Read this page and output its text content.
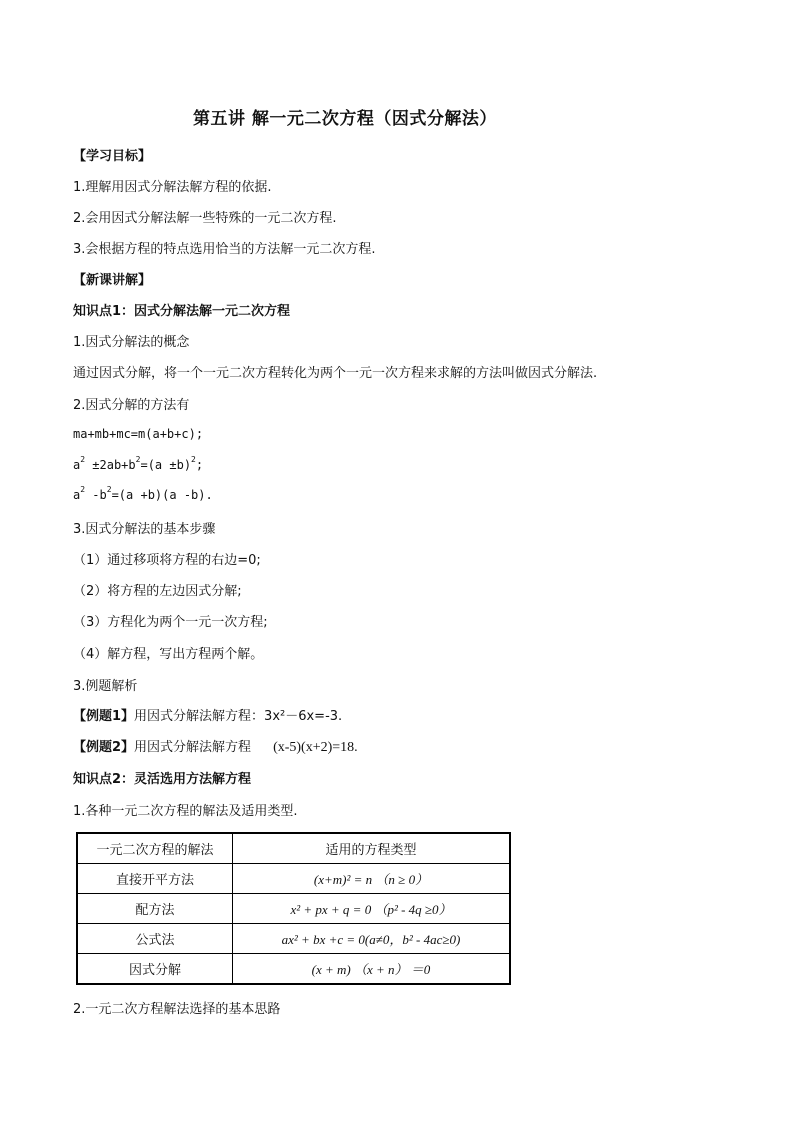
第五讲 解一元二次方程（因式分解法）
【学习目标】
1.理解用因式分解法解方程的依据.
2.会用因式分解法解一些特殊的一元二次方程.
3.会根据方程的特点选用恰当的方法解一元二次方程.
【新课讲解】
知识点1：因式分解法解一元二次方程
1.因式分解法的概念
通过因式分解，将一个一元二次方程转化为两个一元一次方程来求解的方法叫做因式分解法.
2.因式分解的方法有
ma+mb+mc=m(a+b+c);
$a^2 \pm 2ab+b^2=(a \pm b)^2$;
$a^2$ $-b^2=(a +b)(a$ -b).
3.因式分解法的基本步骤
（1）通过移项将方程的右边=0;
（2）将方程的左边因式分解;
（3）方程化为两个一元一次方程;
（4）解方程，写出方程两个解。
3.例题解析
【例题1】用因式分解法解方程：3x²－6x=-3.
【例题2】用因式分解法解方程 (x-5)(x+2)=18.
知识点2：灵活选用方法解方程
1.各种一元二次方程的解法及适用类型.
一元二次方程的解法	适用的方程类型
直接开平方法	(x+m)² = n （n ≥ 0）
配方法	x² + px + q = 0 （p² - 4q ≥0）
公式法	ax² + bx +c = 0(a≠0，b² - 4ac≥0)
因式分解	(x + m) （x + n） ＝0
2.一元二次方程解法选择的基本思路
